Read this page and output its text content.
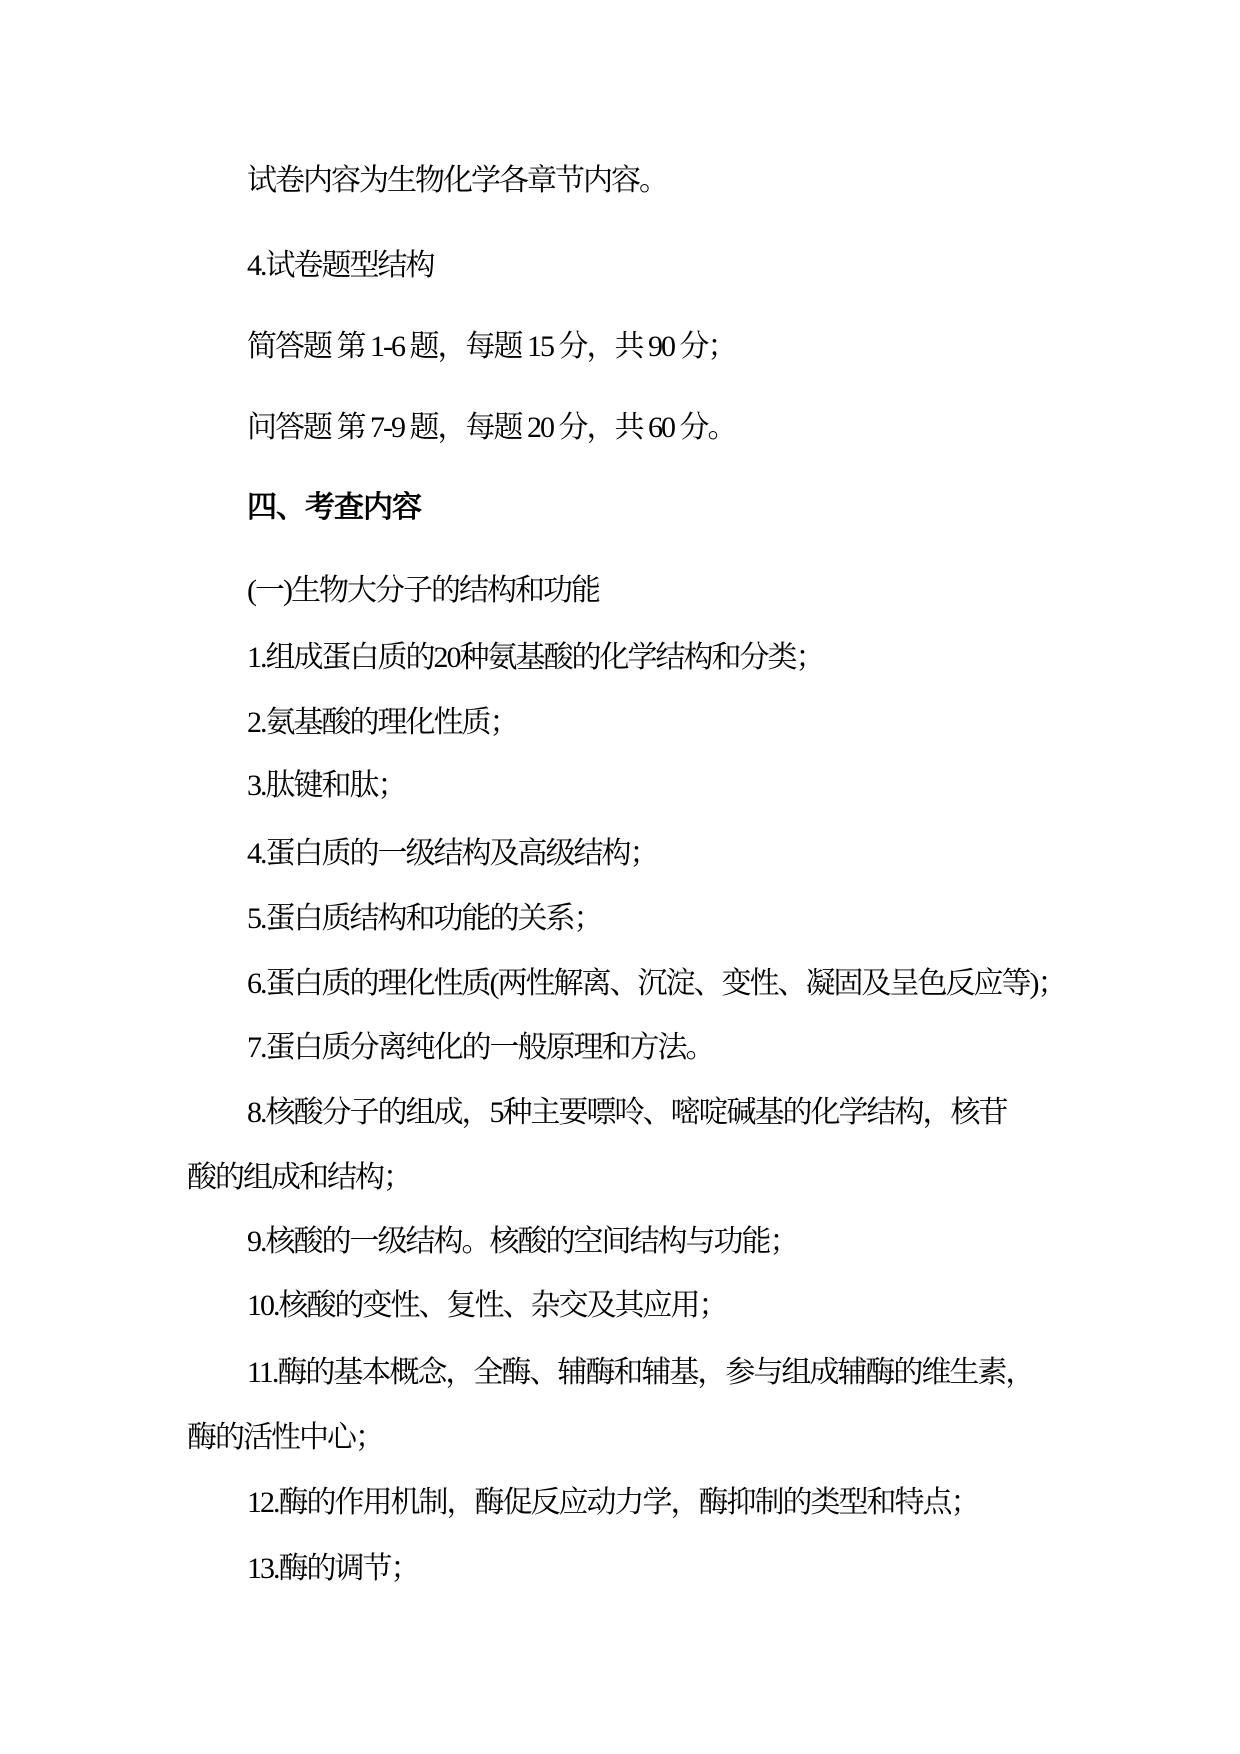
试卷内容为生物化学各章节内容。
4.试卷题型结构
简答题 第 1-6 题，每题 15 分，共 90 分；
问答题 第 7-9 题，每题 20 分，共 60 分。
四、考查内容
(一)生物大分子的结构和功能
1.组成蛋白质的20种氨基酸的化学结构和分类；
2.氨基酸的理化性质；
3.肽键和肽；
4.蛋白质的一级结构及高级结构；
5.蛋白质结构和功能的关系；
6.蛋白质的理化性质(两性解离、沉淀、变性、凝固及呈色反应等)；
7.蛋白质分离纯化的一般原理和方法。
8.核酸分子的组成，5种主要嘌呤、嘧啶碱基的化学结构，核苷
酸的组成和结构；
9.核酸的一级结构。核酸的空间结构与功能；
10.核酸的变性、复性、杂交及其应用；
11.酶的基本概念，全酶、辅酶和辅基，参与组成辅酶的维生素，
酶的活性中心；
12.酶的作用机制，酶促反应动力学，酶抑制的类型和特点；
13.酶的调节；
